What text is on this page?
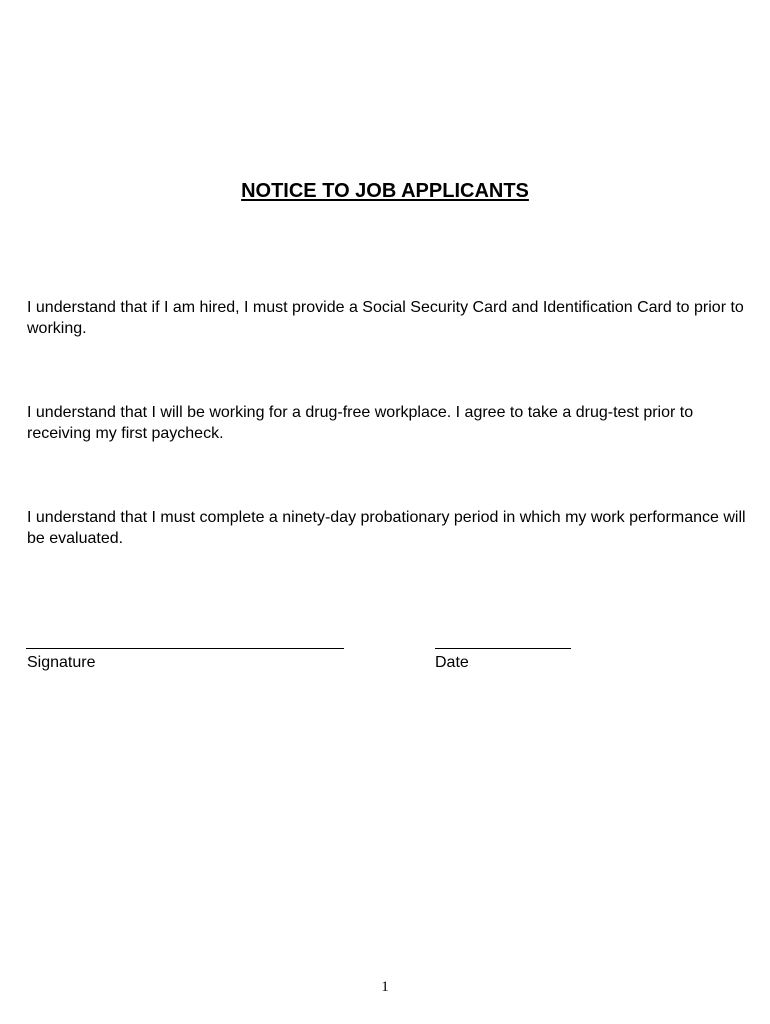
NOTICE TO JOB APPLICANTS

I understand that if I am hired, I must provide a Social Security Card and Identification Card to prior to working.

I understand that I will be working for a drug-free workplace. I agree to take a drug-test prior to receiving my first paycheck.

I understand that I must complete a ninety-day probationary period in which my work performance will be evaluated.

Signature	Date
1
